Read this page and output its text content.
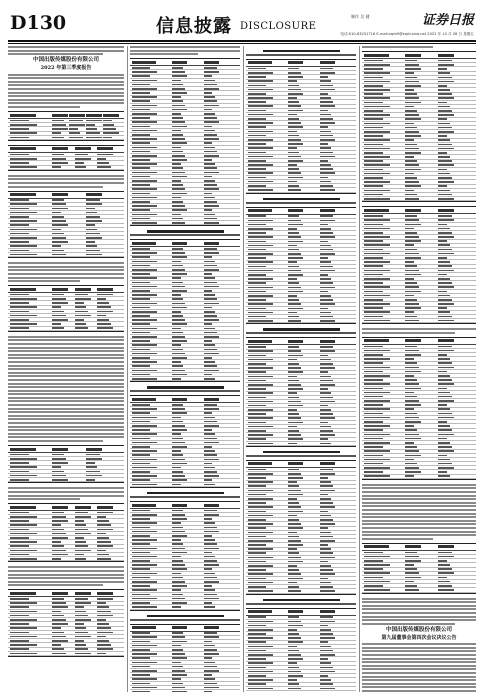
D130	信息披露 DISCLOSURE
制作 吴 健	证券日报
电话:010-83251716 E-mail:zqrb9@zqrb.sina.net 2022 年 10 月 28 日 星期五
中国出版传媒股份有限公司
2022 年第三季度报告
中国出版传媒股份有限公司
第九届董事会第四次会议决议公告
